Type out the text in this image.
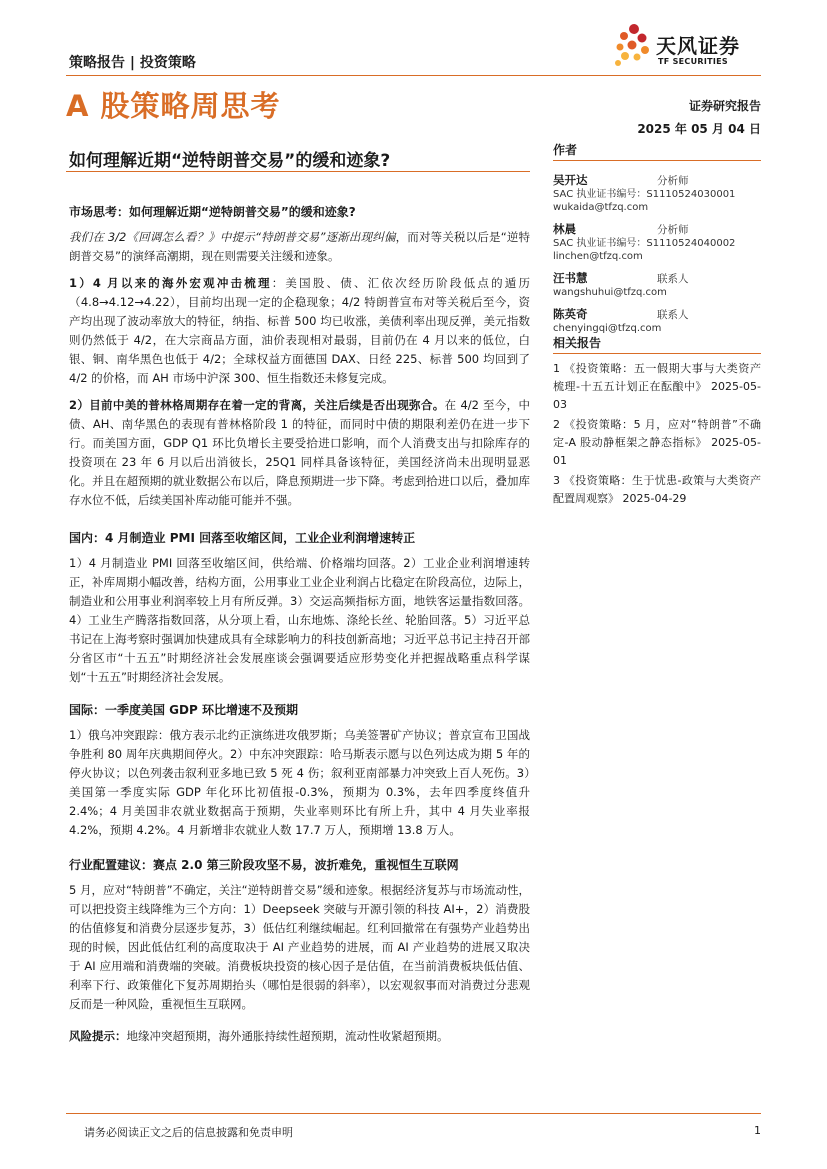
策略报告 | 投资策略
天风证券
TF SECURITIES
A 股策略周思考	证券研究报告
2025 年 05 月 04 日
如何理解近期“逆特朗普交易”的缓和迹象?
市场思考：如何理解近期“逆特朗普交易”的缓和迹象?
我们在 3/2《回调怎么看？》中提示“特朗普交易”逐渐出现纠偏，而对等关税以后是“逆特朗普交易”的演绎高潮期，现在则需要关注缓和迹象。
1）4 月以来的海外宏观冲击梳理：美国股、债、汇依次经历阶段低点的遁历（4.8→4.12→4.22），目前均出现一定的企稳现象；4/2 特朗普宣布对等关税后至今，资产均出现了波动率放大的特征，纳指、标普 500 均已收涨，美债利率出现反弹，美元指数则仍然低于 4/2，在大宗商品方面，油价表现相对最弱，目前仍在 4 月以来的低位，白银、铜、南华黑色也低于 4/2；全球权益方面德国 DAX、日经 225、标普 500 均回到了 4/2 的价格，而 AH 市场中沪深 300、恒生指数还未修复完成。
2）目前中美的普林格周期存在着一定的背离，关注后续是否出现弥合。在 4/2 至今，中债、AH、南华黑色的表现有普林格阶段 1 的特征，而同时中债的期限利差仍在进一步下行。而美国方面，GDP Q1 环比负增长主要受拾进口影响，而个人消费支出与扣除库存的投资项在 23 年 6 月以后出消彼长，25Q1 同样具备该特征，美国经济尚未出现明显恶化。并且在超预期的就业数据公布以后，降息预期进一步下降。考虑到拾进口以后，叠加库存水位不低，后续美国补库动能可能并不强。
国内：4 月制造业 PMI 回落至收缩区间，工业企业利润增速转正
1）4 月制造业 PMI 回落至收缩区间，供给端、价格端均回落。2）工业企业利润增速转正，补库周期小幅改善，结构方面，公用事业工业企业利润占比稳定在阶段高位，边际上，制造业和公用事业利润率较上月有所反弹。3）交运高频指标方面，地铁客运量指数回落。4）工业生产腾落指数回落，从分项上看，山东地炼、涤纶长丝、轮胎回落。5）习近平总书记在上海考察时强调加快建成具有全球影响力的科技创新高地；习近平总书记主持召开部分省区市“十五五”时期经济社会发展座谈会强调要适应形势变化并把握战略重点科学谋划“十五五”时期经济社会发展。
国际：一季度美国 GDP 环比增速不及预期
1）俄乌冲突跟踪：俄方表示北约正演练进攻俄罗斯；乌美签署矿产协议；普京宣布卫国战争胜利 80 周年庆典期间停火。2）中东冲突跟踪：哈马斯表示愿与以色列达成为期 5 年的停火协议；以色列袭击叙利亚多地已致 5 死 4 伤；叙利亚南部暴力冲突致上百人死伤。3）美国第一季度实际 GDP 年化环比初值报-0.3%，预期为 0.3%，去年四季度终值升 2.4%；4 月美国非农就业数据高于预期，失业率则环比有所上升，其中 4 月失业率报 4.2%，预期 4.2%。4 月新增非农就业人数 17.7 万人，预期增 13.8 万人。
行业配置建议：赛点 2.0 第三阶段攻坚不易，波折难免，重视恒生互联网
5 月，应对“特朗普”不确定，关注“逆特朗普交易”缓和迹象。根据经济复苏与市场流动性，可以把投资主线降维为三个方向：1）Deepseek 突破与开源引领的科技 AI+，2）消费股的估值修复和消费分层逐步复苏，3）低估红利继续崛起。红利回撤常在有强势产业趋势出现的时候，因此低估红利的高度取决于 AI 产业趋势的进展，而 AI 产业趋势的进展又取决于 AI 应用端和消费端的突破。消费板块投资的核心因子是估值，在当前消费板块低估值、利率下行、政策催化下复苏周期抬头（哪怕是很弱的斜率），以宏观叙事而对消费过分悲观反而是一种风险，重视恒生互联网。
风险提示：地缘冲突超预期，海外通胀持续性超预期，流动性收紧超预期。
作者
吴开达	分析师
SAC 执业证书编号：S1110524030001
wukaida@tfzq.com
林晨	分析师
SAC 执业证书编号：S1110524040002
linchen@tfzq.com
汪书慧	联系人
wangshuhui@tfzq.com
陈英奇	联系人
chenyingqi@tfzq.com
相关报告
1 《投资策略：五一假期大事与大类资产梳理-十五五计划正在酝酿中》 2025-05-03
2 《投资策略：5 月，应对“特朗普”不确定-A 股动静框架之静态指标》 2025-05-01
3 《投资策略：生于忧患-政策与大类资产配置周观察》 2025-04-29
请务必阅读正文之后的信息披露和免责申明	1
